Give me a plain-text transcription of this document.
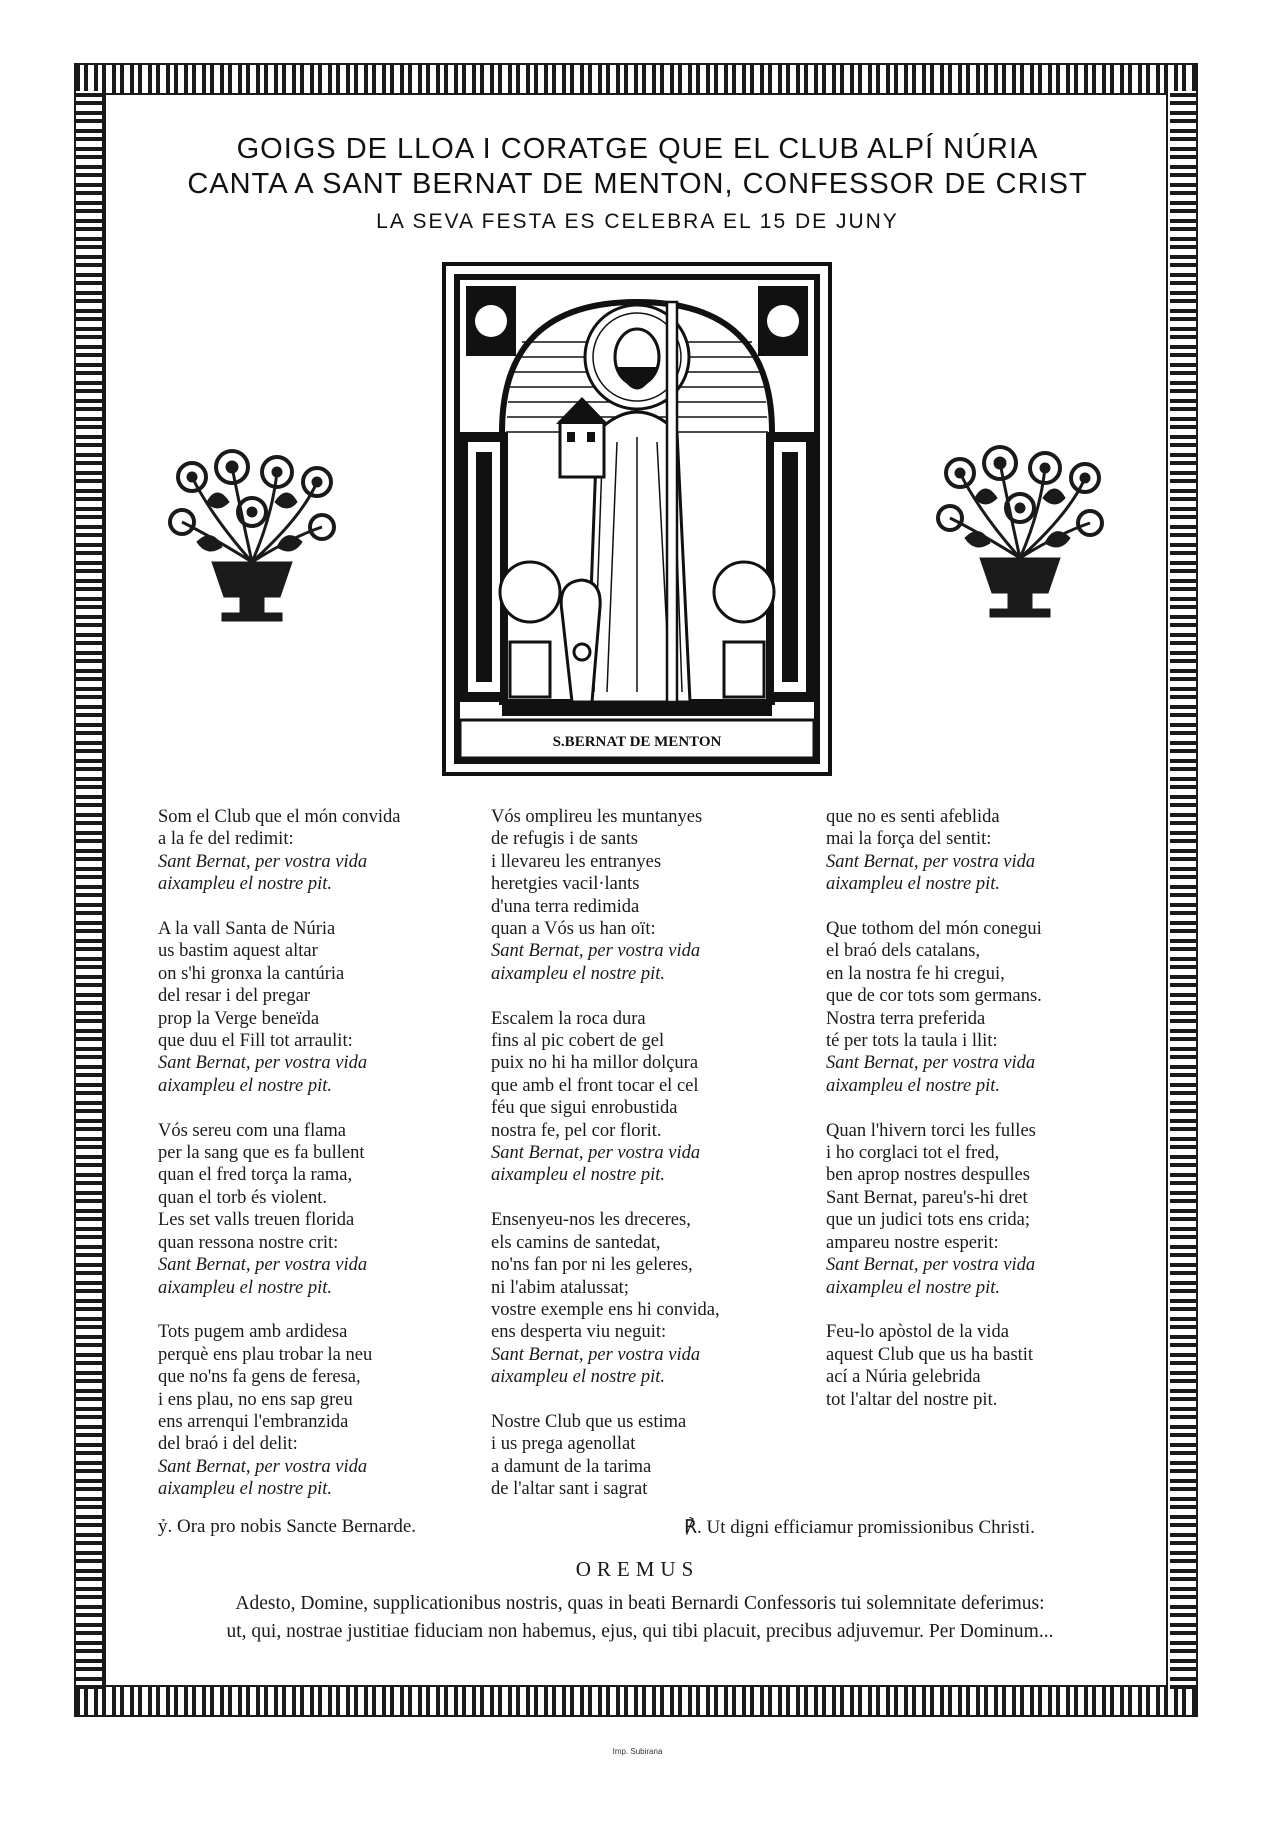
GOIGS DE LLOA I CORATGE QUE EL CLUB ALPÍ NÚRIA
CANTA A SANT BERNAT DE MENTON, CONFESSOR DE CRIST
LA SEVA FESTA ES CELEBRA EL 15 DE JUNY
S.BERNAT DE MENTON
Som el Club que el món convida
a la fe del redimit:
Sant Bernat, per vostra vida
aixampleu el nostre pit.
A la vall Santa de Núria
us bastim aquest altar
on s'hi gronxa la cantúria
del resar i del pregar
prop la Verge beneïda
que duu el Fill tot arraulit:
Sant Bernat, per vostra vida
aixampleu el nostre pit.
Vós sereu com una flama
per la sang que es fa bullent
quan el fred torça la rama,
quan el torb és violent.
Les set valls treuen florida
quan ressona nostre crit:
Sant Bernat, per vostra vida
aixampleu el nostre pit.
Tots pugem amb ardidesa
perquè ens plau trobar la neu
que no'ns fa gens de feresa,
i ens plau, no ens sap greu
ens arrenqui l'embranzida
del braó i del delit:
Sant Bernat, per vostra vida
aixampleu el nostre pit.
Vós omplireu les muntanyes
de refugis i de sants
i llevareu les entranyes
heretgies vacil·lants
d'una terra redimida
quan a Vós us han oït:
Sant Bernat, per vostra vida
aixampleu el nostre pit.
Escalem la roca dura
fins al pic cobert de gel
puix no hi ha millor dolçura
que amb el front tocar el cel
féu que sigui enrobustida
nostra fe, pel cor florit.
Sant Bernat, per vostra vida
aixampleu el nostre pit.
Ensenyeu-nos les dreceres,
els camins de santedat,
no'ns fan por ni les geleres,
ni l'abim atalussat;
vostre exemple ens hi convida,
ens desperta viu neguit:
Sant Bernat, per vostra vida
aixampleu el nostre pit.
Nostre Club que us estima
i us prega agenollat
a damunt de la tarima
de l'altar sant i sagrat
que no es senti afeblida
mai la força del sentit:
Sant Bernat, per vostra vida
aixampleu el nostre pit.
Que tothom del món conegui
el braó dels catalans,
en la nostra fe hi cregui,
que de cor tots som germans.
Nostra terra preferida
té per tots la taula i llit:
Sant Bernat, per vostra vida
aixampleu el nostre pit.
Quan l'hivern torci les fulles
i ho corglaci tot el fred,
ben aprop nostres despulles
Sant Bernat, pareu's-hi dret
que un judici tots ens crida;
ampareu nostre esperit:
Sant Bernat, per vostra vida
aixampleu el nostre pit.
Feu-lo apòstol de la vida
aquest Club que us ha bastit
ací a Núria gelebrida
tot l'altar del nostre pit.
ỷ. Ora pro nobis Sancte Bernarde.	℟. Ut digni efficiamur promissionibus Christi.
OREMUS
Adesto, Domine, supplicationibus nostris, quas in beati Bernardi Confessoris tui solemnitate deferimus:
ut, qui, nostrae justitiae fiduciam non habemus, ejus, qui tibi placuit, precibus adjuvemur. Per Dominum...
Imp. Subirana
